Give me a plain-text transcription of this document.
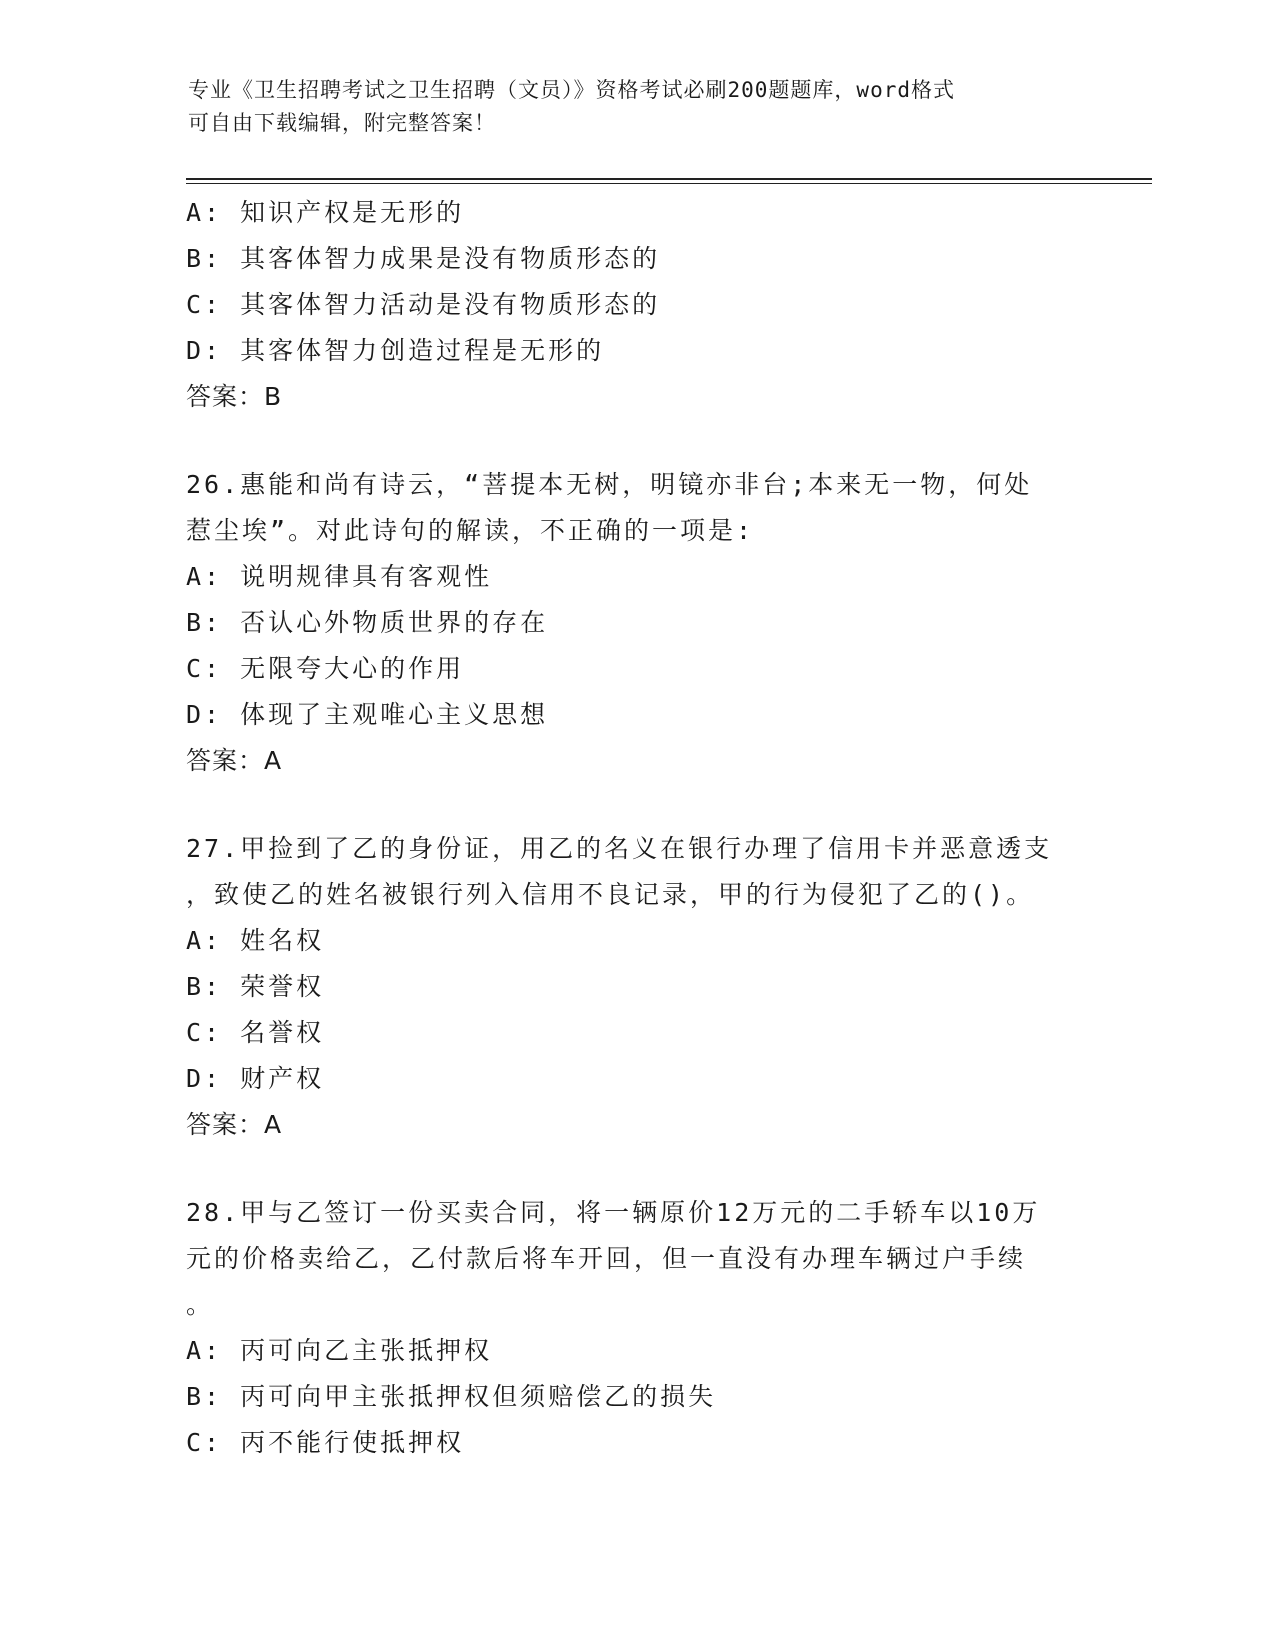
专业《卫生招聘考试之卫生招聘（文员）》资格考试必刷200题题库，word格式
可自由下载编辑，附完整答案！
A: 知识产权是无形的
B: 其客体智力成果是没有物质形态的
C: 其客体智力活动是没有物质形态的
D: 其客体智力创造过程是无形的
答案：B
26.惠能和尚有诗云，“菩提本无树，明镜亦非台;本来无一物，何处
惹尘埃”。对此诗句的解读，不正确的一项是:
A: 说明规律具有客观性
B: 否认心外物质世界的存在
C: 无限夸大心的作用
D: 体现了主观唯心主义思想
答案：A
27.甲捡到了乙的身份证，用乙的名义在银行办理了信用卡并恶意透支
，致使乙的姓名被银行列入信用不良记录，甲的行为侵犯了乙的()。
A: 姓名权
B: 荣誉权
C: 名誉权
D: 财产权
答案：A
28.甲与乙签订一份买卖合同，将一辆原价12万元的二手轿车以10万
元的价格卖给乙，乙付款后将车开回，但一直没有办理车辆过户手续
。
A: 丙可向乙主张抵押权
B: 丙可向甲主张抵押权但须赔偿乙的损失
C: 丙不能行使抵押权
